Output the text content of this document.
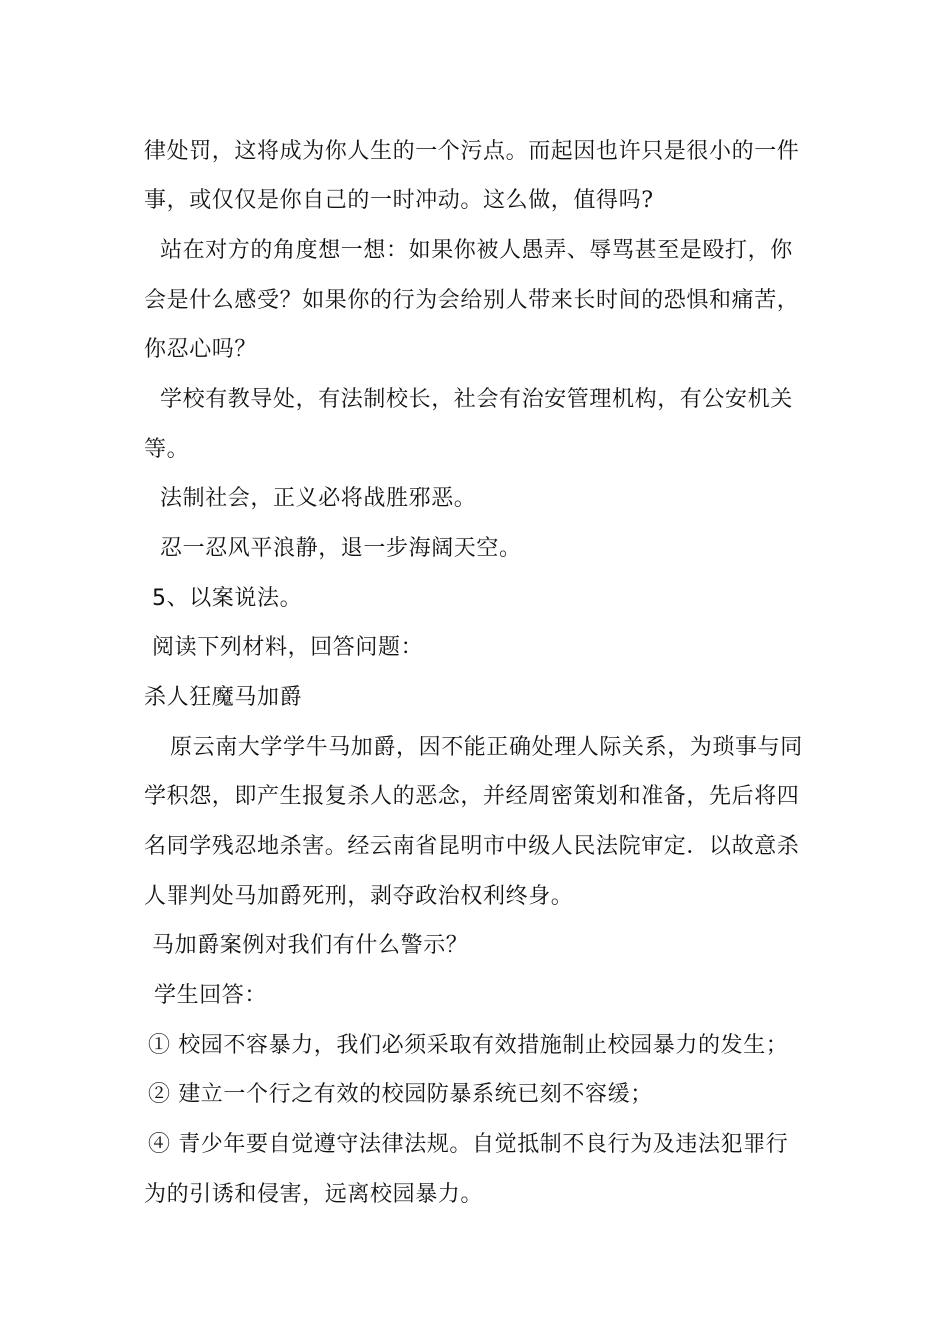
律处罚，这将成为你人生的一个污点。而起因也许只是很小的一件
事，或仅仅是你自己的一时冲动。这么做，值得吗?
站在对方的角度想一想：如果你被人愚弄、辱骂甚至是殴打，你
会是什么感受？如果你的行为会给别人带来长时间的恐惧和痛苦，
你忍心吗？
学校有教导处，有法制校长，社会有治安管理机构，有公安机关
等。
法制社会，正义必将战胜邪恶。
忍一忍风平浪静，退一步海阔天空。
5、以案说法。
阅读下列材料，回答问题：
杀人狂魔马加爵
原云南大学学牛马加爵，因不能正确处理人际关系，为琐事与同
学积怨，即产生报复杀人的恶念，并经周密策划和准备，先后将四
名同学残忍地杀害。经云南省昆明市中级人民法院审定．以故意杀
人罪判处马加爵死刑，剥夺政治权利终身。
马加爵案例对我们有什么警示？
学生回答：
① 校园不容暴力，我们必须采取有效措施制止校园暴力的发生；
② 建立一个行之有效的校园防暴系统已刻不容缓；
④ 青少年要自觉遵守法律法规。自觉抵制不良行为及违法犯罪行
为的引诱和侵害，远离校园暴力。
